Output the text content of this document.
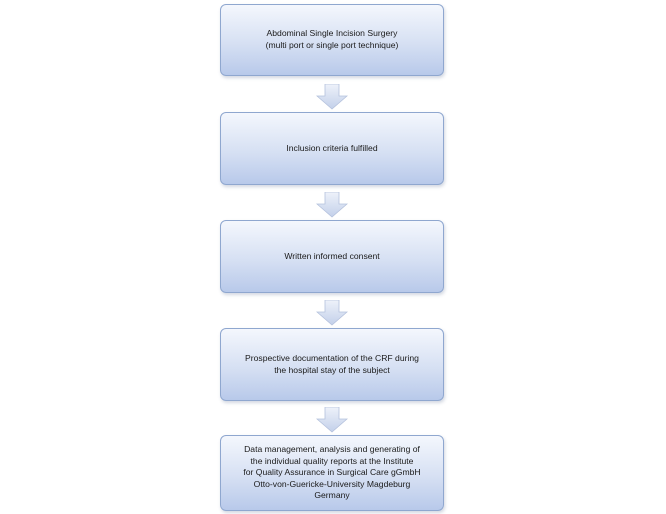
Abdominal Single Incision Surgery
(multi port or single port technique)
Inclusion criteria fulfilled
Written informed consent
Prospective documentation of the CRF during
the hospital stay of the subject
Data management, analysis and generating of
the individual quality reports at the Institute
for Quality Assurance in Surgical Care gGmbH
Otto-von-Guericke-University Magdeburg
Germany
